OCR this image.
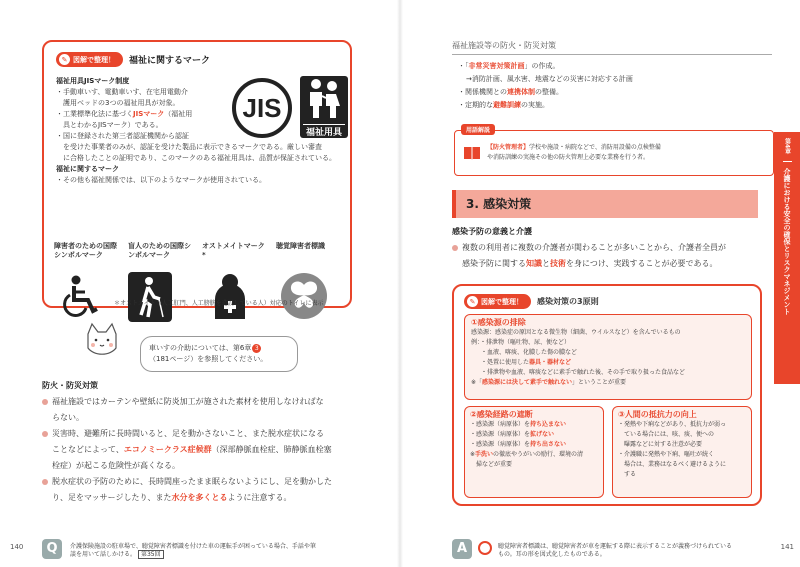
✎ 図解で整理！ 福祉に関するマーク
福祉用具JISマーク制度
・手動車いす、電動車いす、在宅用電動介
護用ベッドの3つの福祉用具が対象。
・工業標準化法に基づくJISマーク（福祉用
具とわかるJISマーク）である。
・国に登録された第三者認証機関から認証
を受けた事業者のみが、認証を受けた製品に表示できるマークである。厳しい審査
に合格したことの証明であり、このマークのある福祉用具は、品質が保証されている。
福祉に関するマーク
・その他も福祉関係では、以下のようなマークが使用されている。
JIS
福祉用具
障害者のための国際シンボルマーク
盲人のための国際シンボルマーク
オストメイトマーク*
聴覚障害者標識
＊オストメイト（人工肛門、人工膀胱を造設している人）対応のトイレに表示
車いすの介助については、第6章 3
（181ページ）を参照してください。
防火・防災対策
福祉施設ではカーテンや壁紙に防炎加工が施された素材を使用しなければな
らない。
災害時、避難所に長時間いると、足を動かさないこと、また脱水症状になる
ことなどによって、エコノミークラス症候群（深部静脈血栓症、肺静脈血栓塞
栓症）が起こる危険性が高くなる。
脱水症状の予防のために、長時間座ったまま眠らないようにし、足を動かした
り、足をマッサージしたり、また水分を多くとるように注意する。
140	Q	介護保険施設の駐車場で、聴覚障害者標識を付けた車の運転手が困っている場合、手話や筆
談を用いて話しかける。 第35回
福祉施設等の防火・防災対策
・「非常災害対策計画」の作成。
→消防計画、風水害、地震などの災害に対応する計画
・関係機関との連携体制の整備。
・定期的な避難訓練の実施。
用語解説
【防火管理者】学校や施設・病院などで、消防用設備の点検整備
や消防訓練の実施その他の防火管理上必要な業務を行う者。
3. 感染対策
感染予防の意義と介護
複数の利用者に複数の介護者が関わることが多いことから、介護者全員が
感染予防に関する知識と技術を身につけ、実践することが必要である。
✎ 図解で整理！ 感染対策の3原則
①感染源の排除
感染源：感染症の原因となる微生物（細菌、ウイルスなど）を含んでいるもの
例：・排泄物（嘔吐物、尿、便など）
・血液、喀痰、化膿した傷の膿など
・処置に使用した器具・器材など
・排泄物や血液、喀痰などに素手で触れた後、その手で取り扱った食品など
※「感染源には決して素手で触れない」ということが重要
②感染経路の遮断
・感染源（病原体）を持ち込まない
・感染源（病原体）を拡げない
・感染源（病原体）を持ち出さない
※手洗いの徹底やうがいの励行、環境の清
掃などが重要
③人間の抵抗力の向上
・発熱や下痢などがあり、抵抗力が弱っ
ている場合には、咳、痰、便への
曝露などに対する注意が必要
・介護職に発熱や下痢、嘔吐が続く
場合は、業務はなるべく避けるように
する
第4章
介護における安全の確保とリスクマネジメント
A	聴覚障害者標識は、聴覚障害者が車を運転する際に表示することが義務づけられている
もの。耳の形を図式化したものである。
141
